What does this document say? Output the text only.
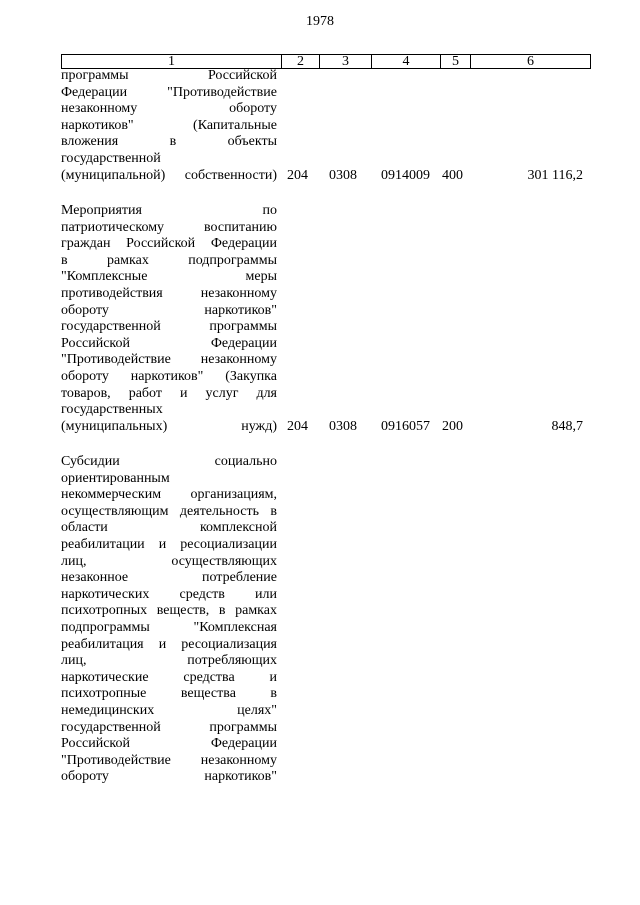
1978
1	2	3	4	5	6
программы Российской
Федерации "Противодействие
незаконному обороту
наркотиков" (Капитальные
вложения в объекты
государственной
(муниципальной) собственности) 204 0308 0914009 400	301 116,2
Мероприятия по
патриотическому воспитанию
граждан Российской Федерации
в рамках подпрограммы
"Комплексные меры
противодействия незаконному
обороту наркотиков"
государственной программы
Российской Федерации
"Противодействие незаконному
обороту наркотиков" (Закупка
товаров, работ и услуг для
государственных
(муниципальных) нужд) 204 0308 0916057 200	848,7
Субсидии социально
ориентированным
некоммерческим организациям,
осуществляющим деятельность в
области комплексной
реабилитации и ресоциализации
лиц, осуществляющих
незаконное потребление
наркотических средств или
психотропных веществ, в рамках
подпрограммы "Комплексная
реабилитация и ресоциализация
лиц, потребляющих
наркотические средства и
психотропные вещества в
немедицинских целях"
государственной программы
Российской Федерации
"Противодействие незаконному
обороту наркотиков"
